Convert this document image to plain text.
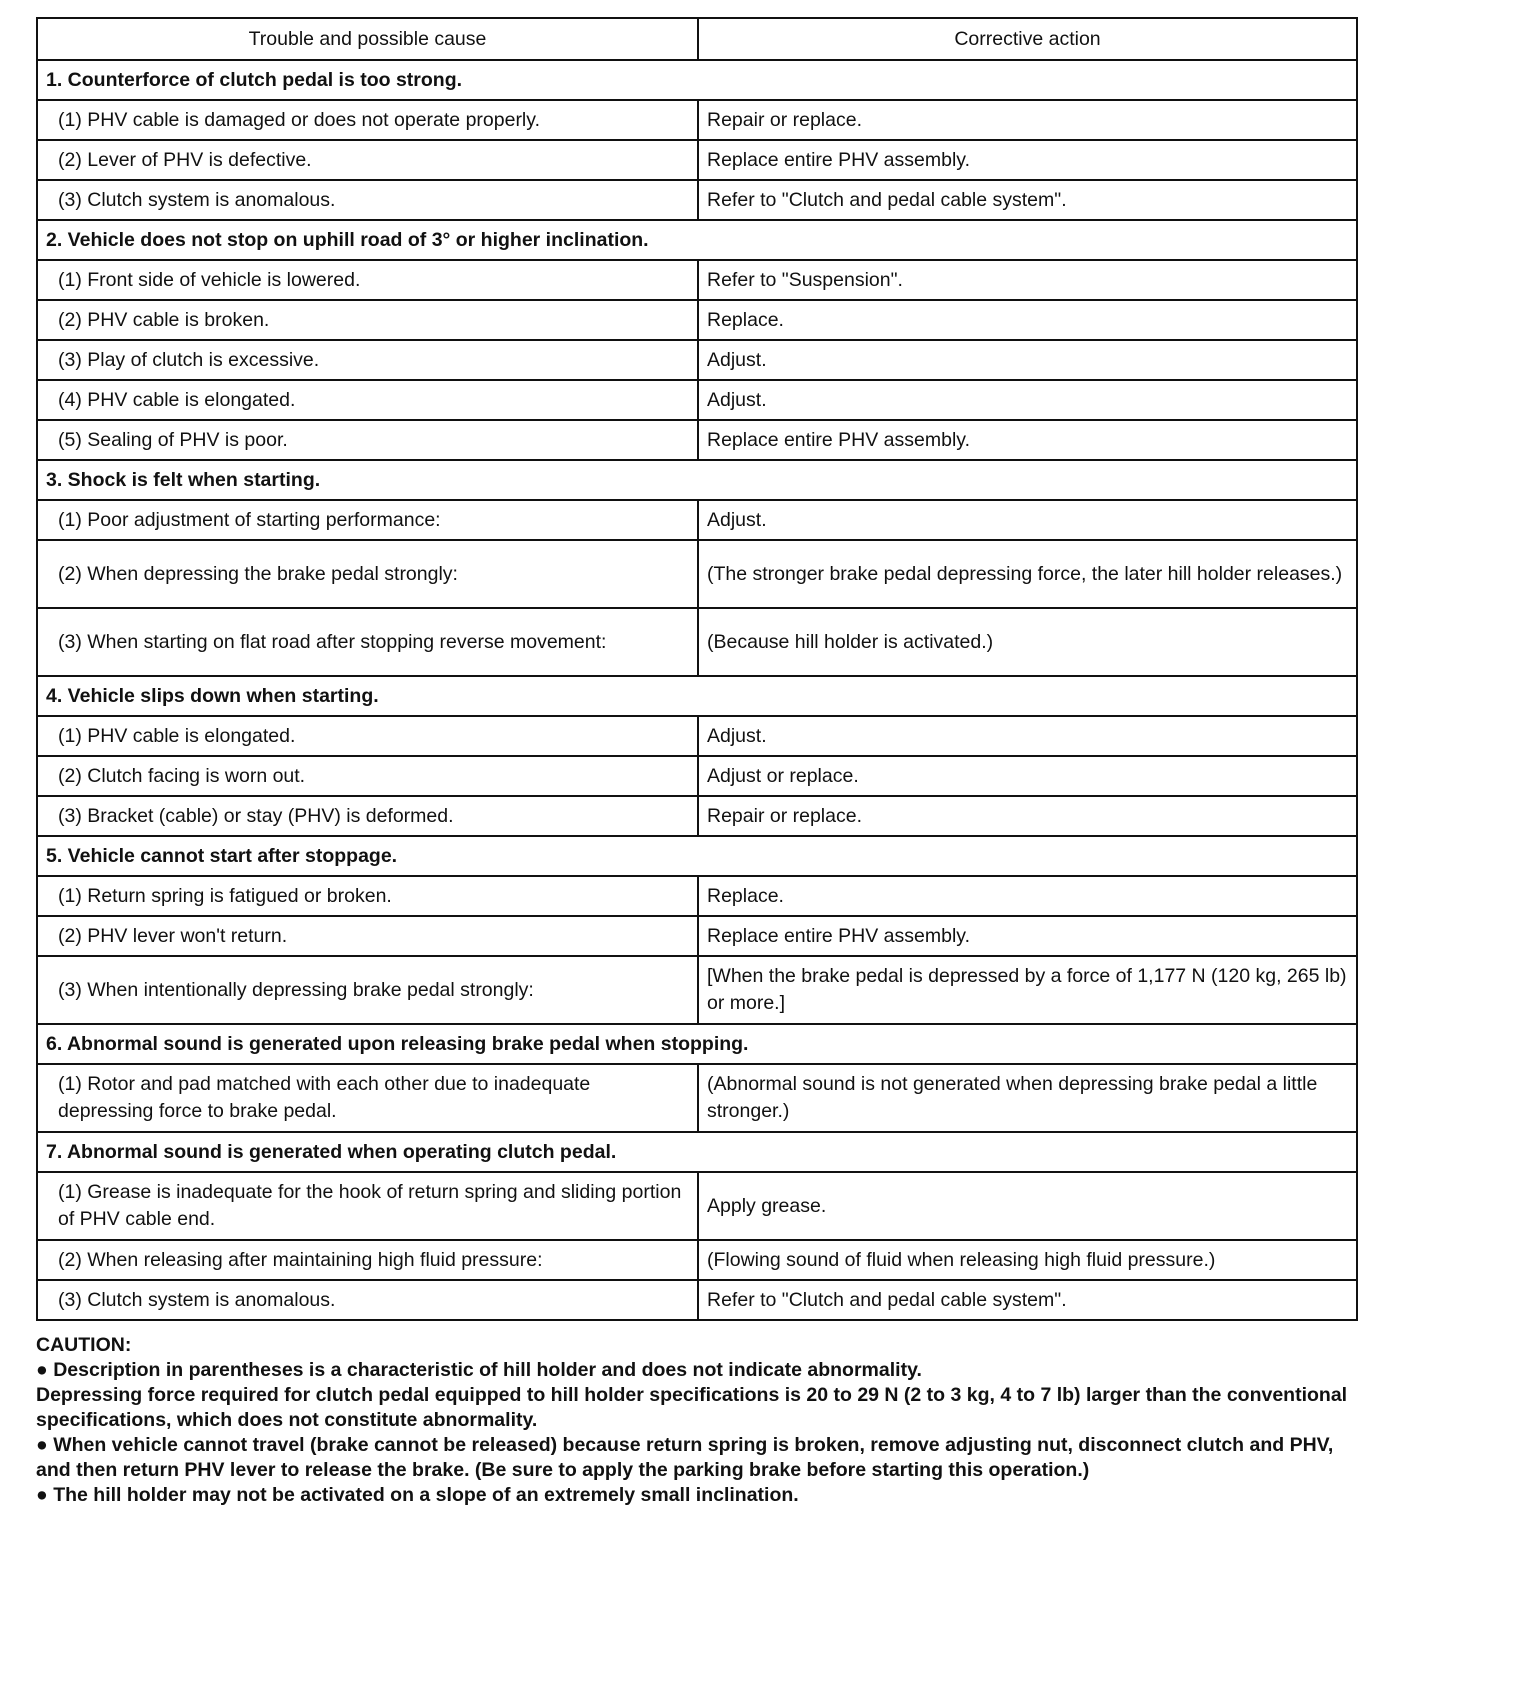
Trouble and possible cause	Corrective action
1. Counterforce of clutch pedal is too strong.	
(1) PHV cable is damaged or does not operate properly.	Repair or replace.
(2) Lever of PHV is defective.	Replace entire PHV assembly.
(3) Clutch system is anomalous.	Refer to "Clutch and pedal cable system".
2. Vehicle does not stop on uphill road of 3° or higher inclination.	
(1) Front side of vehicle is lowered.	Refer to "Suspension".
(2) PHV cable is broken.	Replace.
(3) Play of clutch is excessive.	Adjust.
(4) PHV cable is elongated.	Adjust.
(5) Sealing of PHV is poor.	Replace entire PHV assembly.
3. Shock is felt when starting.	
(1) Poor adjustment of starting performance:	Adjust.
(2) When depressing the brake pedal strongly:	(The stronger brake pedal depressing force, the later hill holder releases.)
(3) When starting on flat road after stopping reverse movement:	(Because hill holder is activated.)
4. Vehicle slips down when starting.	
(1) PHV cable is elongated.	Adjust.
(2) Clutch facing is worn out.	Adjust or replace.
(3) Bracket (cable) or stay (PHV) is deformed.	Repair or replace.
5. Vehicle cannot start after stoppage.	
(1) Return spring is fatigued or broken.	Replace.
(2) PHV lever won't return.	Replace entire PHV assembly.
(3) When intentionally depressing brake pedal strongly:	[When the brake pedal is depressed by a force of 1,177 N (120 kg, 265 lb) or more.]
6. Abnormal sound is generated upon releasing brake pedal when stopping.	
(1) Rotor and pad matched with each other due to inadequate depressing force to brake pedal.	(Abnormal sound is not generated when depressing brake pedal a little stronger.)
7. Abnormal sound is generated when operating clutch pedal.	
(1) Grease is inadequate for the hook of return spring and sliding portion of PHV cable end.	Apply grease.
(2) When releasing after maintaining high fluid pressure:	(Flowing sound of fluid when releasing high fluid pressure.)
(3) Clutch system is anomalous.	Refer to "Clutch and pedal cable system".

CAUTION:

● Description in parentheses is a characteristic of hill holder and does not indicate abnormality.

Depressing force required for clutch pedal equipped to hill holder specifications is 20 to 29 N (2 to 3 kg, 4 to 7 lb) larger than the conventional specifications, which does not constitute abnormality.

● When vehicle cannot travel (brake cannot be released) because return spring is broken, remove adjusting nut, disconnect clutch and PHV, and then return PHV lever to release the brake. (Be sure to apply the parking brake before starting this operation.)

● The hill holder may not be activated on a slope of an extremely small inclination.
